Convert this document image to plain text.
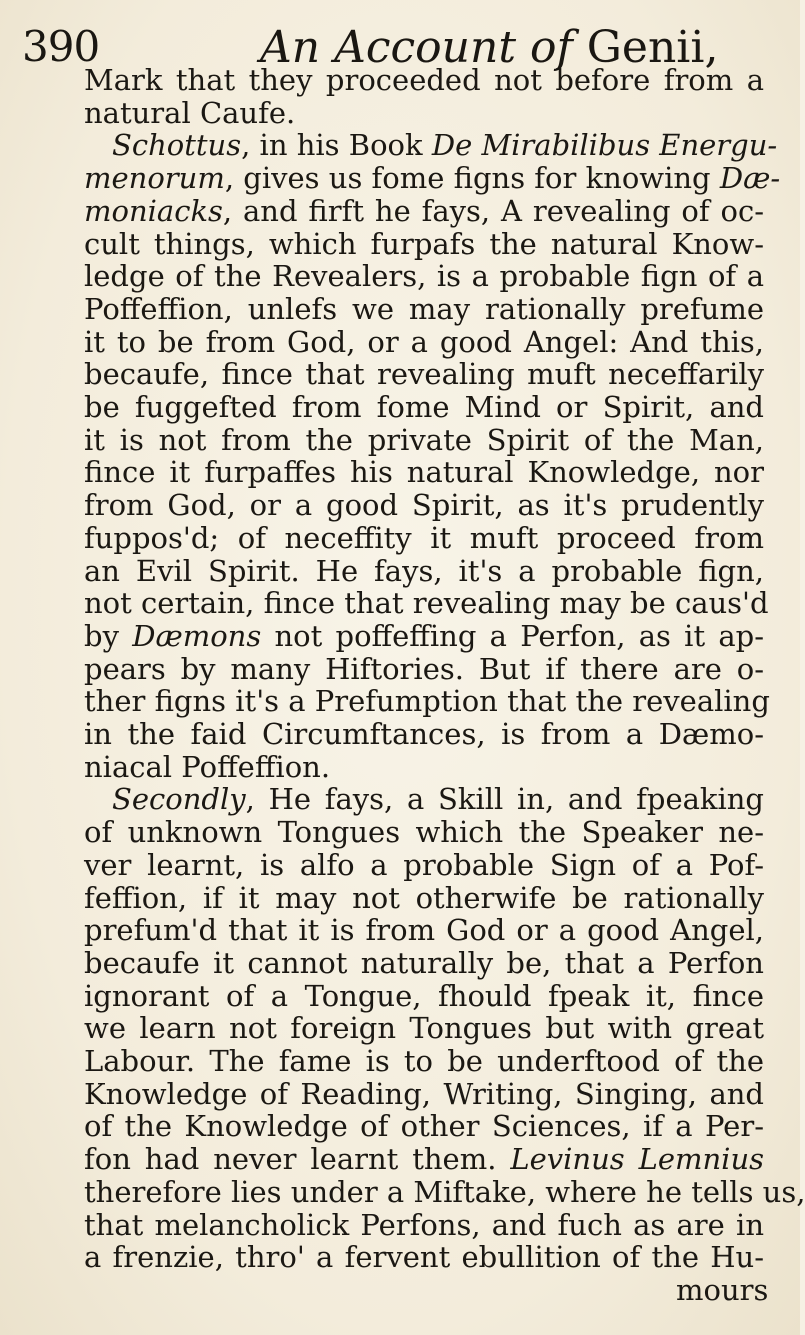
390	An Account of Genii,
Mark that they proceeded not before from a
natural Caufe.
Schottus, in his Book De Mirabilibus Energu-
menorum, gives us fome figns for knowing Dæ-
moniacks, and firft he fays, A revealing of oc-
cult things, which furpafs the natural Know-
ledge of the Revealers, is a probable fign of a
Poffeffion, unlefs we may rationally prefume
it to be from God, or a good Angel: And this,
becaufe, fince that revealing muft neceffarily
be fuggefted from fome Mind or Spirit, and
it is not from the private Spirit of the Man,
fince it furpaffes his natural Knowledge, nor
from God, or a good Spirit, as it's prudently
fuppos'd; of neceffity it muft proceed from
an Evil Spirit. He fays, it's a probable fign,
not certain, fince that revealing may be caus'd
by Dæmons not poffeffing a Perfon, as it ap-
pears by many Hiftories. But if there are o-
ther figns it's a Prefumption that the revealing
in the faid Circumftances, is from a Dæmo-
niacal Poffeffion.
Secondly, He fays, a Skill in, and fpeaking
of unknown Tongues which the Speaker ne-
ver learnt, is alfo a probable Sign of a Pof-
feffion, if it may not otherwife be rationally
prefum'd that it is from God or a good Angel,
becaufe it cannot naturally be, that a Perfon
ignorant of a Tongue, fhould fpeak it, fince
we learn not foreign Tongues but with great
Labour. The fame is to be underftood of the
Knowledge of Reading, Writing, Singing, and
of the Knowledge of other Sciences, if a Per-
fon had never learnt them. Levinus Lemnius
therefore lies under a Miftake, where he tells us,
that melancholick Perfons, and fuch as are in
a frenzie, thro' a fervent ebullition of the Hu-
mours
